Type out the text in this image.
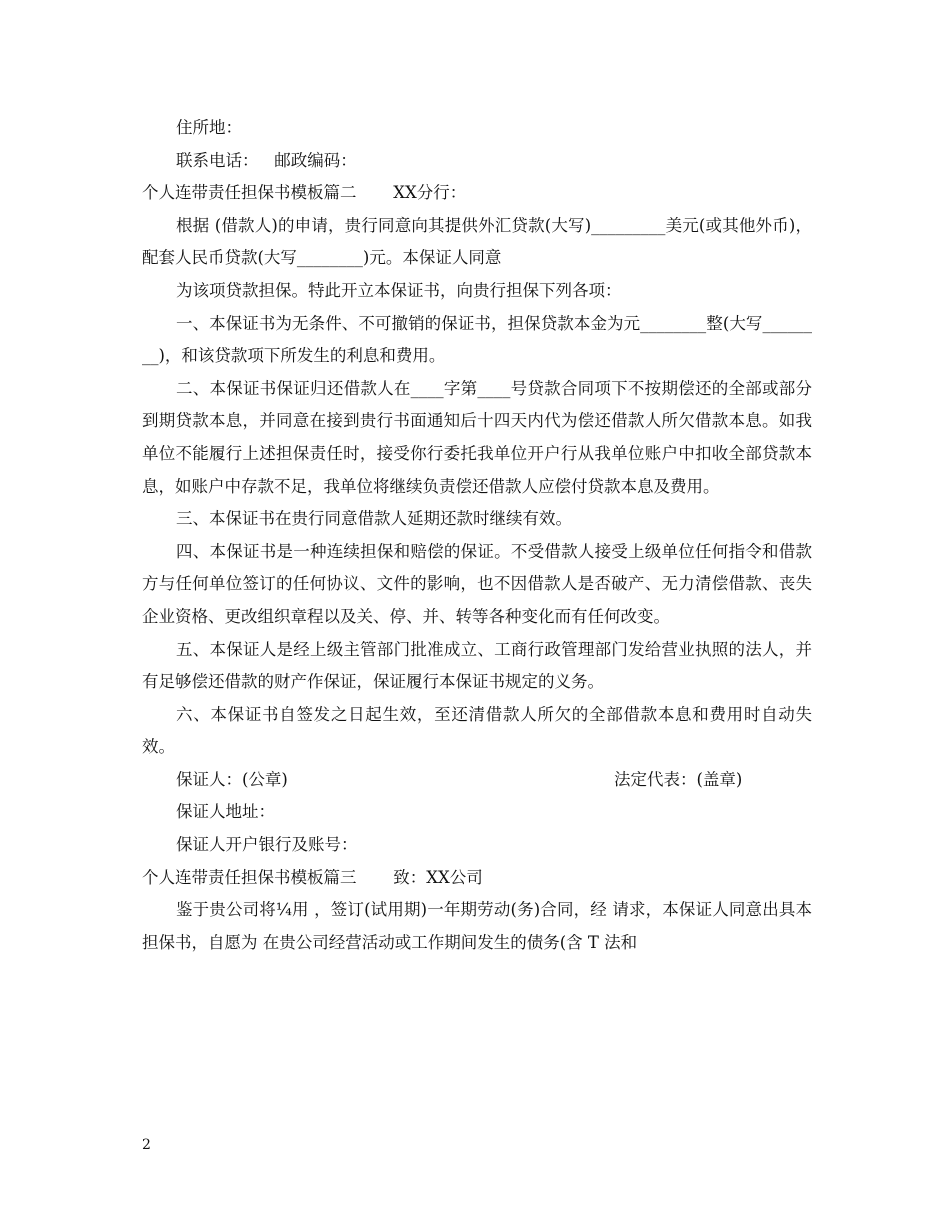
住所地：

联系电话：   邮政编码：

个人连带责任担保书模板篇二       XX分行：

根据 (借款人)的申请，贵行同意向其提供外汇贷款(大写)_________美元(或其他外币)，配套人民币贷款(大写________)元。本保证人同意

为该项贷款担保。特此开立本保证书，向贵行担保下列各项：

一、本保证书为无条件、不可撤销的保证书，担保贷款本金为元________整(大写________)，和该贷款项下所发生的利息和费用。

二、本保证书保证归还借款人在____字第____号贷款合同项下不按期偿还的全部或部分到期贷款本息，并同意在接到贵行书面通知后十四天内代为偿还借款人所欠借款本息。如我单位不能履行上述担保责任时，接受你行委托我单位开户行从我单位账户中扣收全部贷款本息，如账户中存款不足，我单位将继续负责偿还借款人应偿付贷款本息及费用。

三、本保证书在贵行同意借款人延期还款时继续有效。

四、本保证书是一种连续担保和赔偿的保证。不受借款人接受上级单位任何指令和借款方与任何单位签订的任何协议、文件的影响，也不因借款人是否破产、无力清偿借款、丧失企业资格、更改组织章程以及关、停、并、转等各种变化而有任何改变。

五、本保证人是经上级主管部门批准成立、工商行政管理部门发给营业执照的法人，并有足够偿还借款的财产作保证，保证履行本保证书规定的义务。

六、本保证书自签发之日起生效，至还清借款人所欠的全部借款本息和费用时自动失效。

保证人：(公章)

	法定代表：(盖章)

保证人地址：

保证人开户银行及账号：

个人连带责任担保书模板篇三       致：XX公司

鉴于贵公司将¼用 ，签订(试用期)一年期劳动(务)合同，经 请求，本保证人同意出具本担保书，自愿为 在贵公司经营活动或工作期间发生的债务(含 T 法和

2
